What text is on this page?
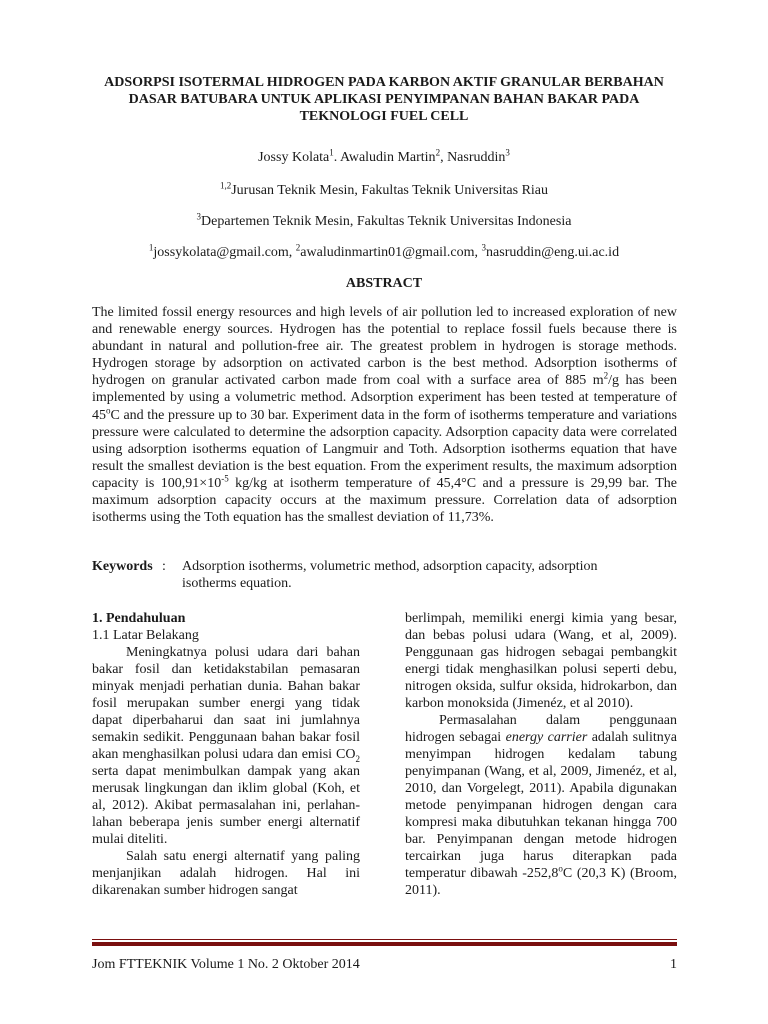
ADSORPSI ISOTERMAL HIDROGEN PADA KARBON AKTIF GRANULAR BERBAHAN DASAR BATUBARA UNTUK APLIKASI PENYIMPANAN BAHAN BAKAR PADA TEKNOLOGI FUEL CELL
Jossy Kolata$^1$. Awaludin Martin$^2$, Nasruddin$^3$
$^{1,2}$Jurusan Teknik Mesin, Fakultas Teknik Universitas Riau
$^3$Departemen Teknik Mesin, Fakultas Teknik Universitas Indonesia
$^1$jossykolata@gmail.com, $^2$awaludinmartin01@gmail.com, $^3$nasruddin@eng.ui.ac.id
ABSTRACT

The limited fossil energy resources and high levels of air pollution led to increased exploration of new and renewable energy sources. Hydrogen has the potential to replace fossil fuels because there is abundant in natural and pollution-free air. The greatest problem in hydrogen is storage methods. Hydrogen storage by adsorption on activated carbon is the best method. Adsorption isotherms of hydrogen on granular activated carbon made from coal with a surface area of 885 $m^2/g$ has been implemented by using a volumetric method. Adsorption experiment has been tested at temperature of 45$^o$C and the pressure up to 30 bar. Experiment data in the form of isotherms temperature and variations pressure were calculated to determine the adsorption capacity. Adsorption capacity data were correlated using adsorption isotherms equation of Langmuir and Toth. Adsorption isotherms equation that have result the smallest deviation is the best equation. From the experiment results, the maximum adsorption capacity is $100,91\times 10^{-5}$ kg/kg at isotherm temperature of 45,4°C and a pressure is 29,99 bar. The maximum adsorption capacity occurs at the maximum pressure. Correlation data of adsorption isotherms using the Toth equation has the smallest deviation of 11,73%.

Keywords :	Adsorption isotherms, volumetric method, adsorption capacity, adsorption
isotherms equation.

1. Pendahuluan

1.1 Latar Belakang

Meningkatnya polusi udara dari bahan bakar fosil dan ketidakstabilan pemasaran minyak menjadi perhatian dunia. Bahan bakar fosil merupakan sumber energi yang tidak dapat diperbaharui dan saat ini jumlahnya semakin sedikit. Penggunaan bahan bakar fosil akan menghasilkan polusi udara dan emisi $CO_2$ serta dapat menimbulkan dampak yang akan merusak lingkungan dan iklim global (Koh, et al, 2012). Akibat permasalahan ini, perlahan-lahan beberapa jenis sumber energi alternatif mulai diteliti.

Salah satu energi alternatif yang paling menjanjikan adalah hidrogen. Hal ini dikarenakan sumber hidrogen sangat

berlimpah, memiliki energi kimia yang besar, dan bebas polusi udara (Wang, et al, 2009). Penggunaan gas hidrogen sebagai pembangkit energi tidak menghasilkan polusi seperti debu, nitrogen oksida, sulfur oksida, hidrokarbon, dan karbon monoksida (Jimenéz, et al 2010).

Permasalahan dalam penggunaan hidrogen sebagai energy carrier adalah sulitnya menyimpan hidrogen kedalam tabung penyimpanan (Wang, et al, 2009, Jimenéz, et al, 2010, dan Vorgelegt, 2011). Apabila digunakan metode penyimpanan hidrogen dengan cara kompresi maka dibutuhkan tekanan hingga 700 bar. Penyimpanan dengan metode hidrogen tercairkan juga harus diterapkan pada temperatur dibawah -252,8$^o$C (20,3 K) (Broom, 2011).

Jom FTTEKNIK Volume 1 No. 2 Oktober 2014	1
